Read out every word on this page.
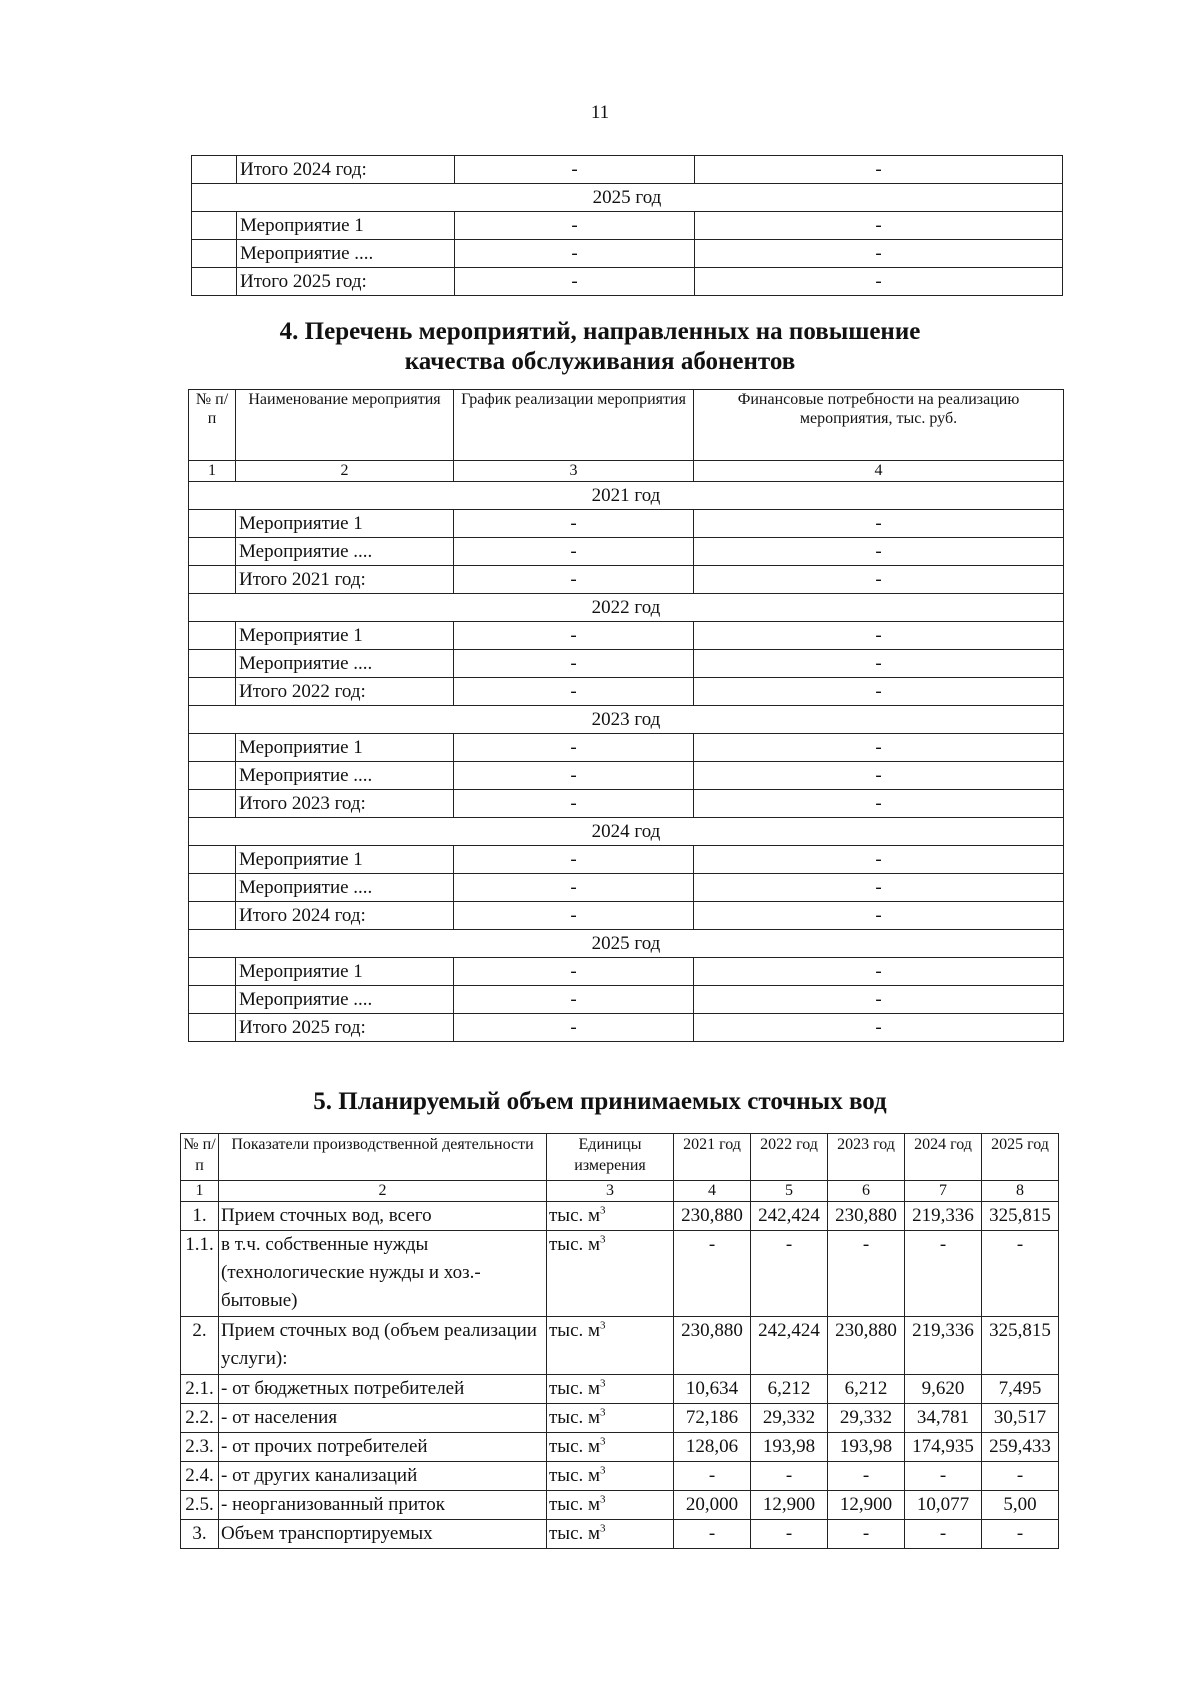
11
	Итого 2024 год:	-	-
2025 год			
	Мероприятие 1	-	-
	Мероприятие ....	-	-
	Итого 2025 год:	-	-
4. Перечень мероприятий, направленных на повышение
качества обслуживания абонентов
№ п/п	Наименование мероприятия	График реализации мероприятия	Финансовые потребности на реализацию мероприятия, тыс. руб.
1	2	3	4
2021 год			
	Мероприятие 1	-	-
	Мероприятие ....	-	-
	Итого 2021 год:	-	-
2022 год			
	Мероприятие 1	-	-
	Мероприятие ....	-	-
	Итого 2022 год:	-	-
2023 год			
	Мероприятие 1	-	-
	Мероприятие ....	-	-
	Итого 2023 год:	-	-
2024 год			
	Мероприятие 1	-	-
	Мероприятие ....	-	-
	Итого 2024 год:	-	-
2025 год			
	Мероприятие 1	-	-
	Мероприятие ....	-	-
	Итого 2025 год:	-	-
5. Планируемый объем принимаемых сточных вод
№ п/п	Показатели производственной деятельности	Единицы измерения	2021 год	2022 год	2023 год	2024 год	2025 год
1	2	3	4	5	6	7	8
1.	Прием сточных вод, всего	тыс. $м^3$	230,880	242,424	230,880	219,336	325,815
1.1.	в т.ч. собственные нужды (технологические нужды и хоз.-бытовые)	тыс. $м^3$	-	-	-	-	-
2.	Прием сточных вод (объем реализации услуги):	тыс. $м^3$	230,880	242,424	230,880	219,336	325,815
2.1.	- от бюджетных потребителей	тыс. $м^3$	10,634	6,212	6,212	9,620	7,495
2.2.	- от населения	тыс. $м^3$	72,186	29,332	29,332	34,781	30,517
2.3.	- от прочих потребителей	тыс. $м^3$	128,06	193,98	193,98	174,935	259,433
2.4.	- от других канализаций	тыс. $м^3$	-	-	-	-	-
2.5.	- неорганизованный приток	тыс. $м^3$	20,000	12,900	12,900	10,077	5,00
3.	Объем транспортируемых	тыс. $м^3$	-	-	-	-	-
